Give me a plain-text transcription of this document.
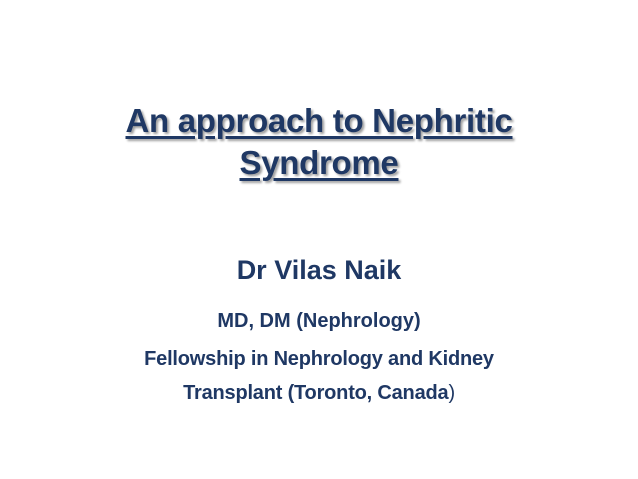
An approach to Nephritic
Syndrome
Dr Vilas Naik
MD, DM (Nephrology)
Fellowship in Nephrology and Kidney
Transplant (Toronto, Canada)
